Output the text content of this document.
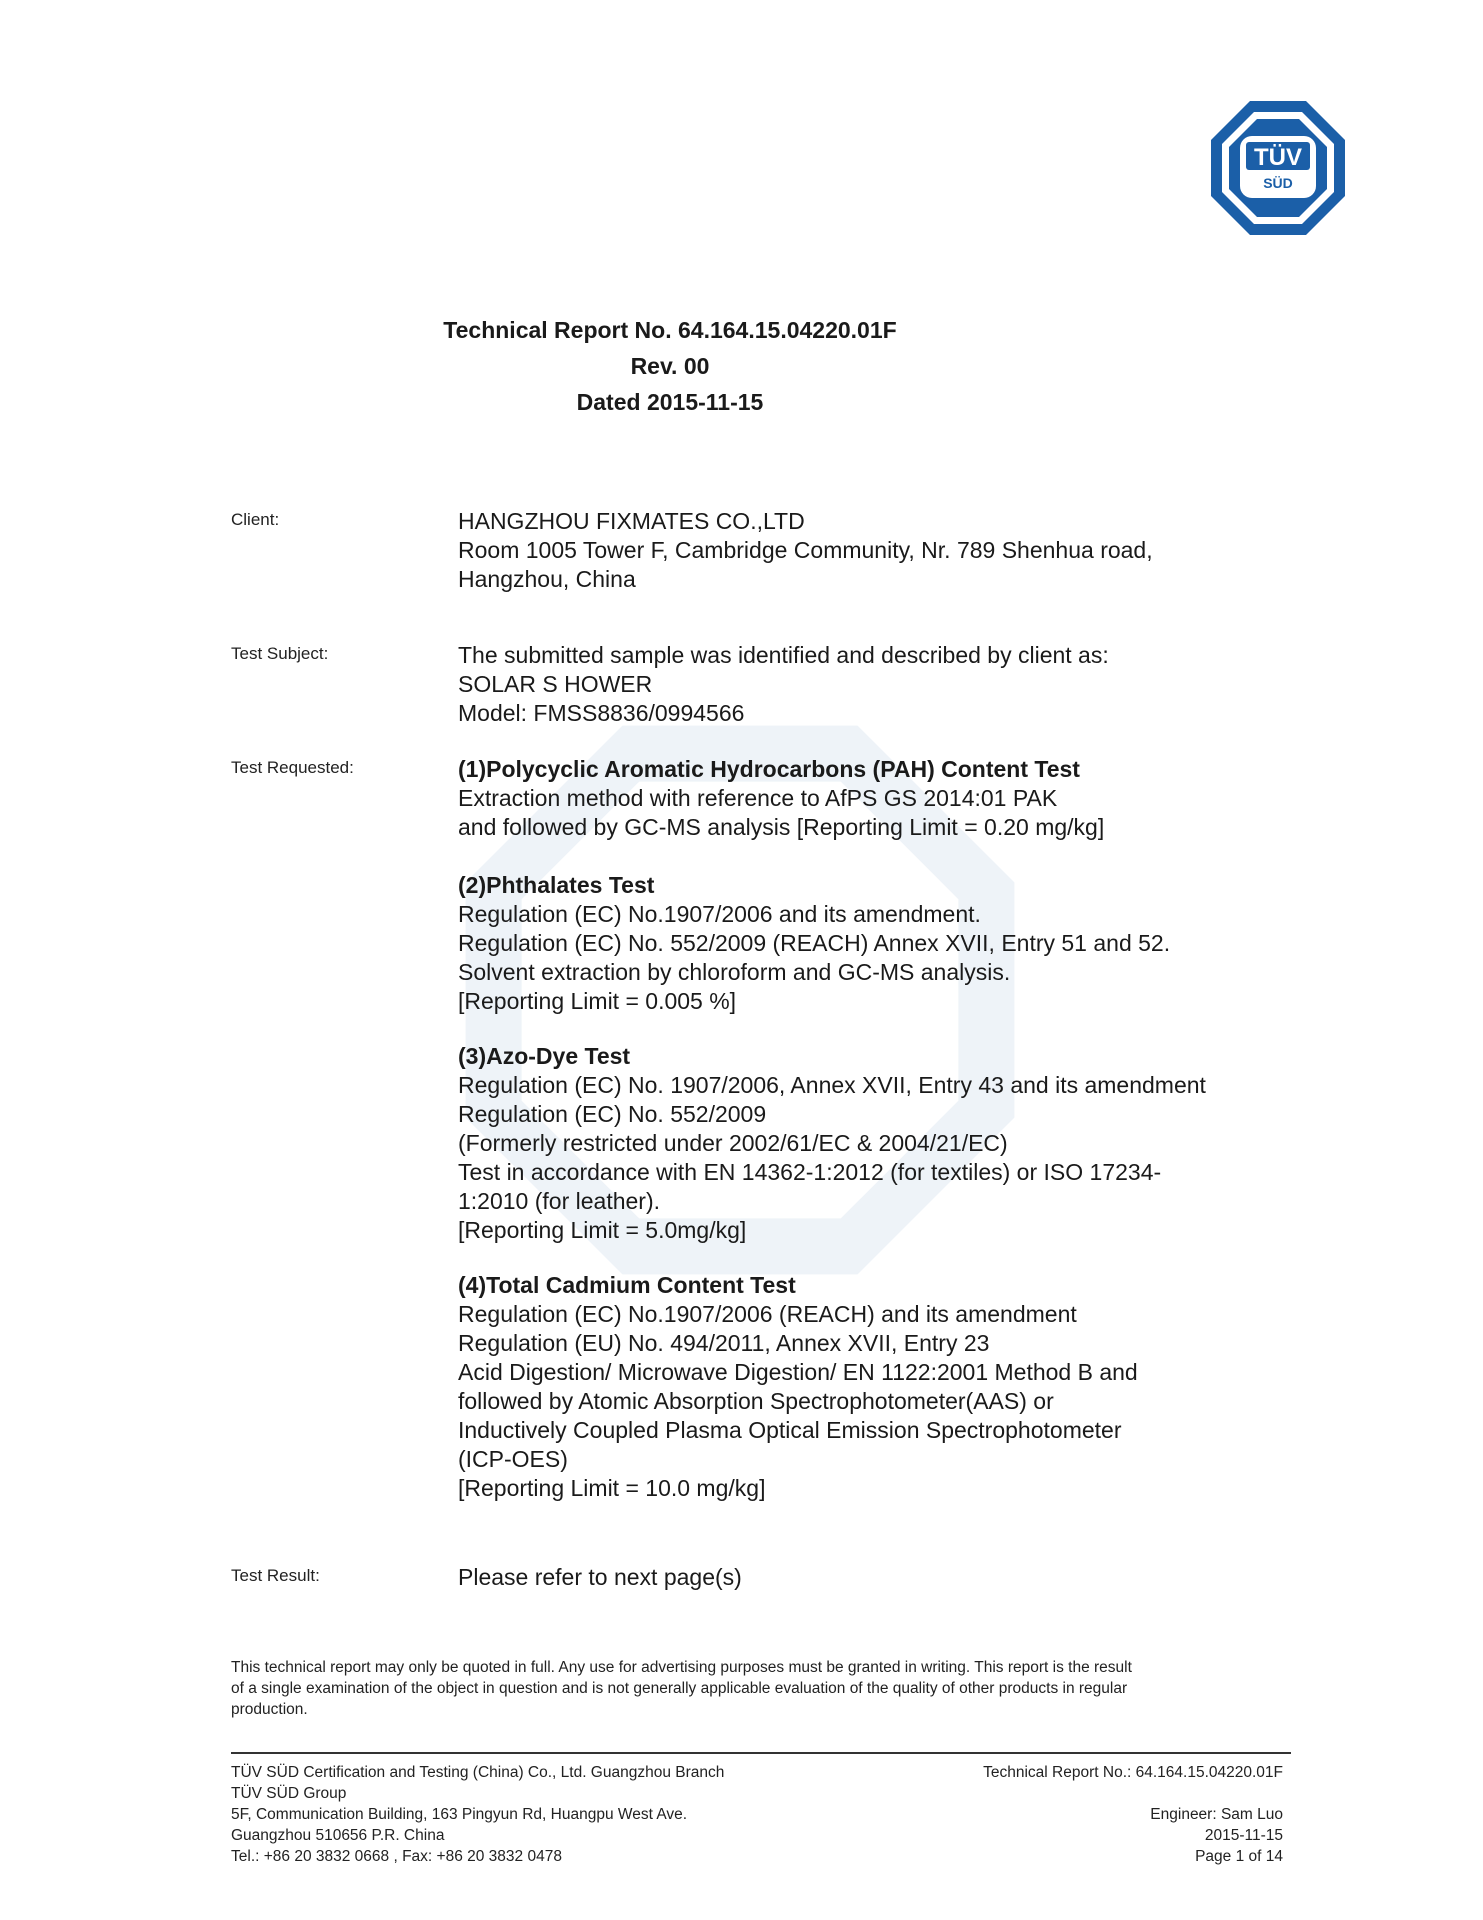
TÜV
SÜD
Technical Report No. 64.164.15.04220.01F
Rev. 00
Dated 2015-11-15
Client:	HANGZHOU FIXMATES CO.,LTD
Room 1005 Tower F, Cambridge Community, Nr. 789 Shenhua road,
Hangzhou, China
Test Subject:	The submitted sample was identified and described by client as:
SOLAR S HOWER
Model: FMSS8836/0994566
Test Requested:	(1)Polycyclic Aromatic Hydrocarbons (PAH) Content Test
Extraction method with reference to AfPS GS 2014:01 PAK
and followed by GC-MS analysis [Reporting Limit = 0.20 mg/kg]
(2)Phthalates Test
Regulation (EC) No.1907/2006 and its amendment.
Regulation (EC) No. 552/2009 (REACH) Annex XVII, Entry 51 and 52.
Solvent extraction by chloroform and GC-MS analysis.
[Reporting Limit = 0.005 %]
(3)Azo-Dye Test
Regulation (EC) No. 1907/2006, Annex XVII, Entry 43 and its amendment
Regulation (EC) No. 552/2009
(Formerly restricted under 2002/61/EC & 2004/21/EC)
Test in accordance with EN 14362-1:2012 (for textiles) or ISO 17234-
1:2010 (for leather).
[Reporting Limit = 5.0mg/kg]
(4)Total Cadmium Content Test
Regulation (EC) No.1907/2006 (REACH) and its amendment
Regulation (EU) No. 494/2011, Annex XVII, Entry 23
Acid Digestion/ Microwave Digestion/ EN 1122:2001 Method B and
followed by Atomic Absorption Spectrophotometer(AAS) or
Inductively Coupled Plasma Optical Emission Spectrophotometer
(ICP-OES)
[Reporting Limit = 10.0 mg/kg]
Test Result:	Please refer to next page(s)
This technical report may only be quoted in full. Any use for advertising purposes must be granted in writing. This report is the result
of a single examination of the object in question and is not generally applicable evaluation of the quality of other products in regular
production.
TÜV SÜD Certification and Testing (China) Co., Ltd. Guangzhou Branch
TÜV SÜD Group
5F, Communication Building, 163 Pingyun Rd, Huangpu West Ave.
Guangzhou 510656 P.R. China
Tel.: +86 20 3832 0668 , Fax: +86 20 3832 0478
Technical Report No.: 64.164.15.04220.01F
Engineer: Sam Luo
2015-11-15
Page 1 of 14
